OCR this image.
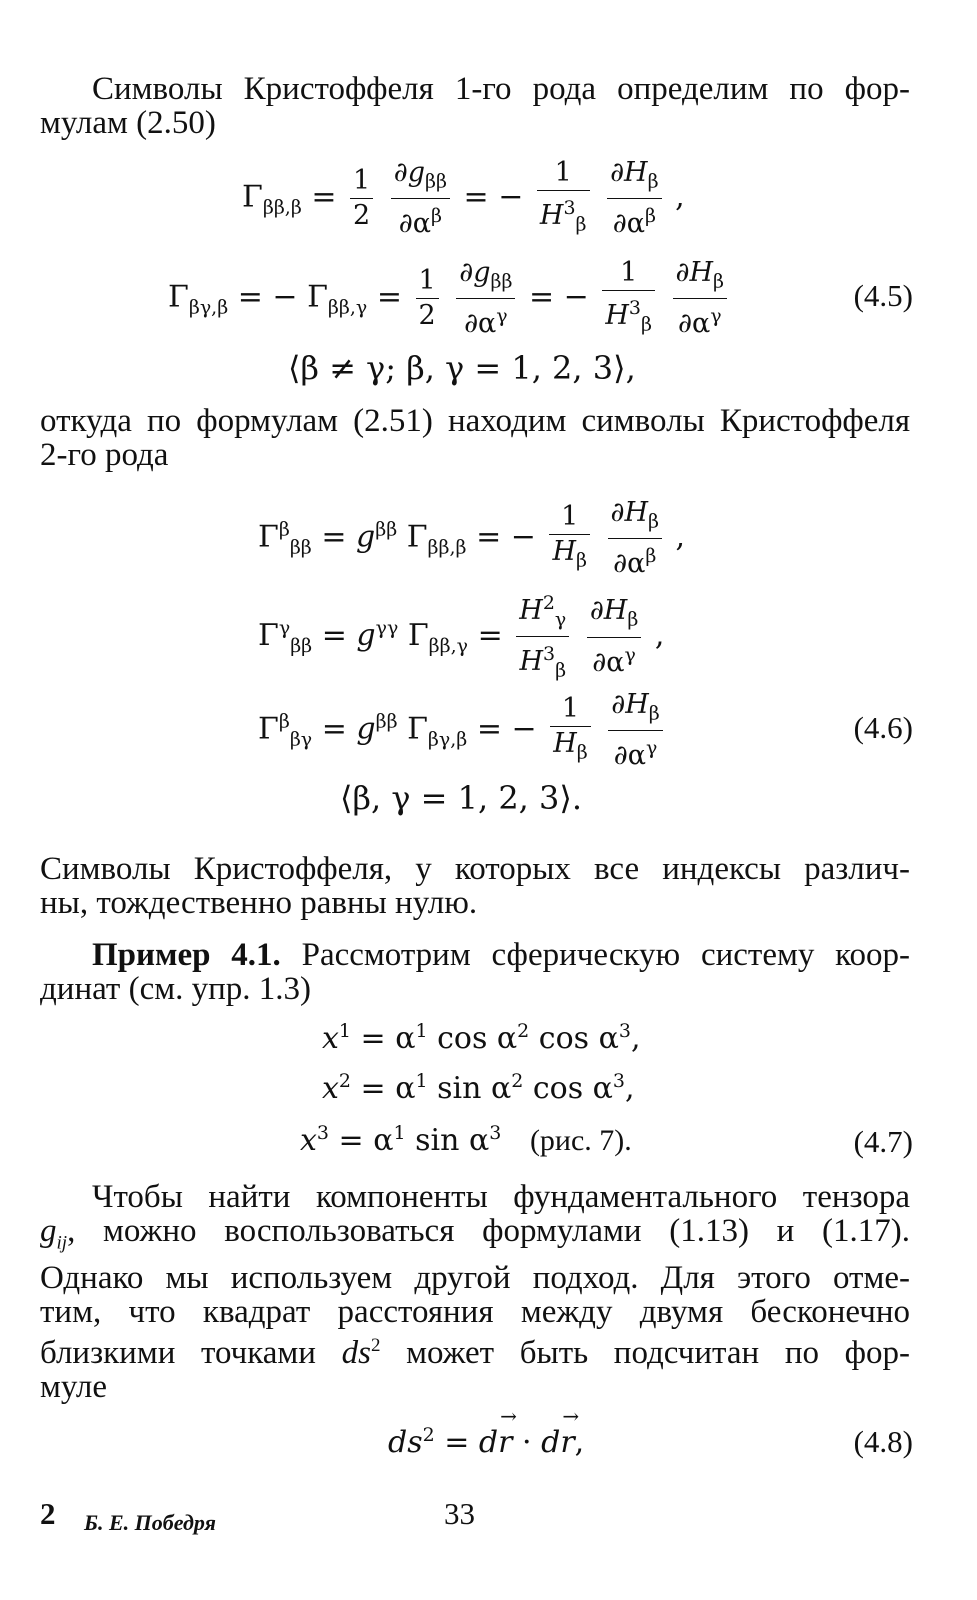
Символы Кристоффеля 1-го рода определим по фор-
мулам (2.50)
$\Gamma_{\beta\beta,\beta} = \frac{1}{2}$
$\frac{\partial g_{\beta\beta}}{\partial\alpha^\beta}$ = − $\frac{1}{H^3_\beta}$
$\frac{\partial H_\beta}{\partial\alpha^\beta}$ ,
$\Gamma_{\beta\gamma,\beta}$ = − $\Gamma_{\beta\beta,\gamma} = \frac{1}{2}$
$\frac{\partial g_{\beta\beta}}{\partial\alpha^\gamma}$ = − $\frac{1}{H^3_\beta}$
$\frac{\partial H_\beta}{\partial\alpha^\gamma}$	(4.5)
⟨β ≠ γ; β, γ = 1, 2, 3⟩,
откуда по формулам (2.51) находим символы Кристоффеля
2-го рода
$\Gamma^\beta_{\beta\beta} = g^{\beta\beta}$ $\Gamma_{\beta\beta,\beta}$ = − $\frac{1}{H_\beta}$
$\frac{\partial H_\beta}{\partial\alpha^\beta}$ ,
$\Gamma^\gamma_{\beta\beta} = g^{\gamma\gamma}$ $\Gamma_{\beta\beta,\gamma} = \frac{H^2_\gamma}{H^3_\beta}$
$\frac{\partial H_\beta}{\partial\alpha^\gamma}$ ,
$\Gamma^\beta_{\beta\gamma} = g^{\beta\beta}$ $\Gamma_{\beta\gamma,\beta}$ = − $\frac{1}{H_\beta}$
$\frac{\partial H_\beta}{\partial\alpha^\gamma}$	(4.6)
⟨β, γ = 1, 2, 3⟩.
Символы Кристоффеля, у которых все индексы различ-
ны, тождественно равны нулю.
Пример 4.1. Рассмотрим сферическую систему коор-
динат (см. упр. 1.3)
$x^1 = \alpha^1$ $\cos \alpha^2$ $\cos \alpha^3$,
$x^2 = \alpha^1$ $\sin \alpha^2$ $\cos \alpha^3$,
$x^3 = \alpha^1$ $\sin \alpha^3$ (рис. 7).	(4.7)
Чтобы найти компоненты фундаментального тензора
$g_{ij}$, можно воспользоваться формулами (1.13) и (1.17).
Однако мы используем другой подход. Для этого отме-
тим, что квадрат расстояния между двумя бесконечно
близкими точками $ds^2$ может быть подсчитан по фор-
муле
$ds^2 = d\to r \cdot d\to r$,	(4.8)
2 Б. Е. Победря	33
